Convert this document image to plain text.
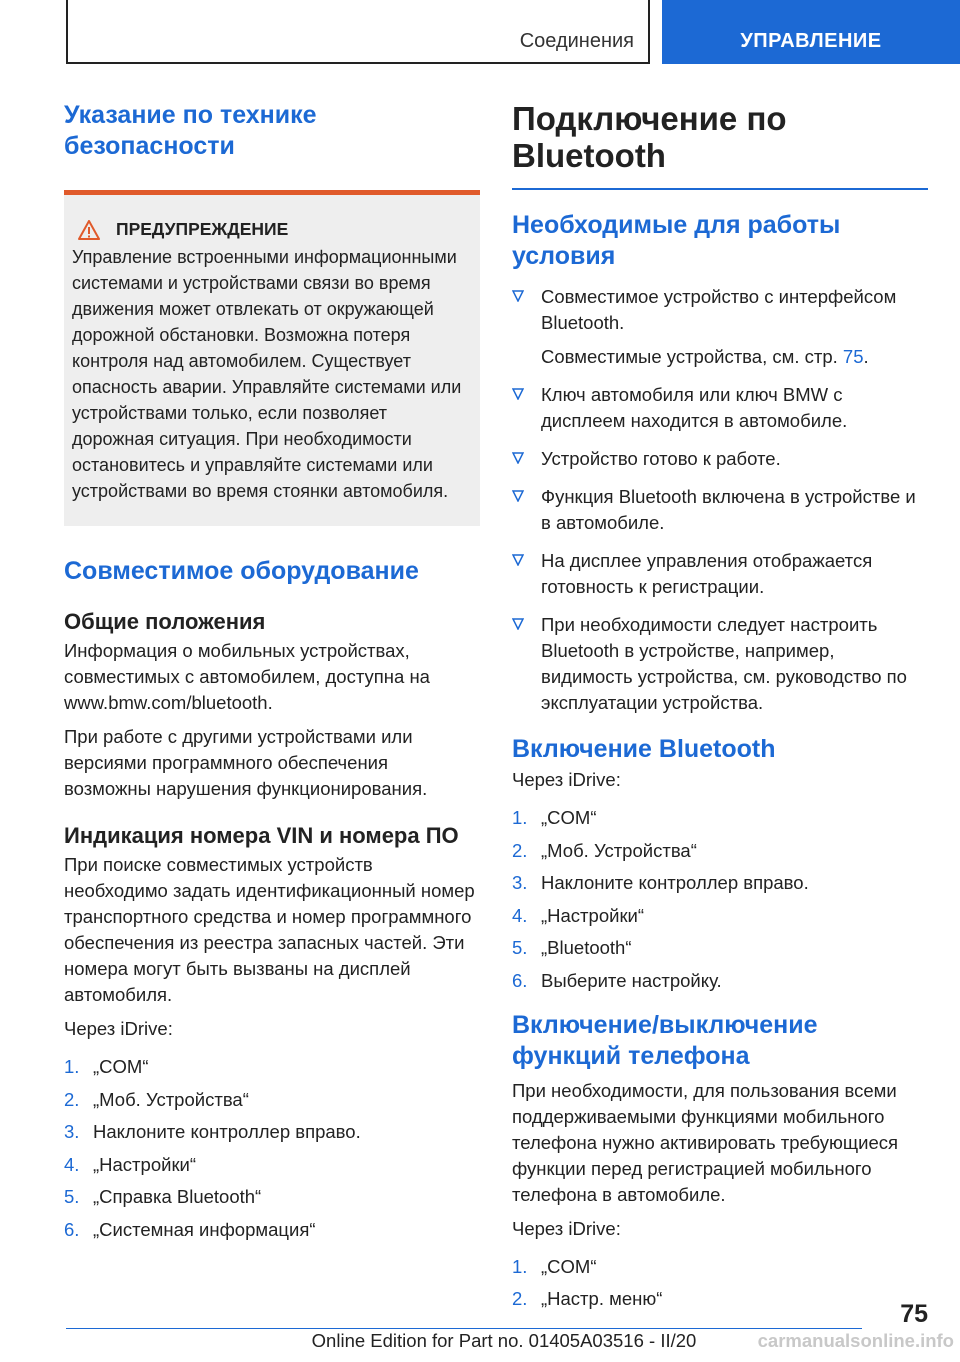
Соединения	УПРАВЛЕНИЕ
Указание по технике безопасности
ПРЕДУПРЕЖДЕНИЕ

Управление встроенными информационными системами и устройствами связи во время движения может отвлекать от окружающей дорожной обстановки. Возможна потеря контроля над автомобилем. Существует опасность аварии. Управляйте системами или устройствами только, если позволяет дорожная ситуация. При необходимости остановитесь и управляйте системами или устройствами во время стоянки автомобиля.

Совместимое оборудование
Общие положения

Информация о мобильных устройствах, совместимых с автомобилем, доступна на www.bmw.com/bluetooth.

При работе с другими устройствами или версиями программного обеспечения возможны нарушения функционирования.

Индикация номера VIN и номера ПО

При поиске совместимых устройств необходимо задать идентификационный номер транспортного средства и номер программного обеспечения из реестра запасных частей. Эти номера могут быть вызваны на дисплей автомобиля.

Через iDrive:

1. „COM“
2. „Моб. Устройства“
3. Наклоните контроллер вправо.
4. „Настройки“
5. „Справка Bluetooth“
6. „Системная информация“
Подключение по Bluetooth
Необходимые для работы условия
Совместимое устройство с интерфейсом Bluetooth.
Совместимые устройства, см. стр. 75.
Ключ автомобиля или ключ BMW с дисплеем находится в автомобиле.
Устройство готово к работе.
Функция Bluetooth включена в устройстве и в автомобиле.
На дисплее управления отображается готовность к регистрации.
При необходимости следует настроить Bluetooth в устройстве, например, видимость устройства, см. руководство по эксплуатации устройства.
Включение Bluetooth

Через iDrive:

1. „COM“
2. „Моб. Устройства“
3. Наклоните контроллер вправо.
4. „Настройки“
5. „Bluetooth“
6. Выберите настройку.
Включение/выключение функций телефона

При необходимости, для пользования всеми поддерживаемыми функциями мобильного телефона нужно активировать требующиеся функции перед регистрацией мобильного телефона в автомобиле.

Через iDrive:

1. „COM“
2. „Настр. меню“
75
Online Edition for Part no. 01405A03516 - II/20	carmanualsonline.info
